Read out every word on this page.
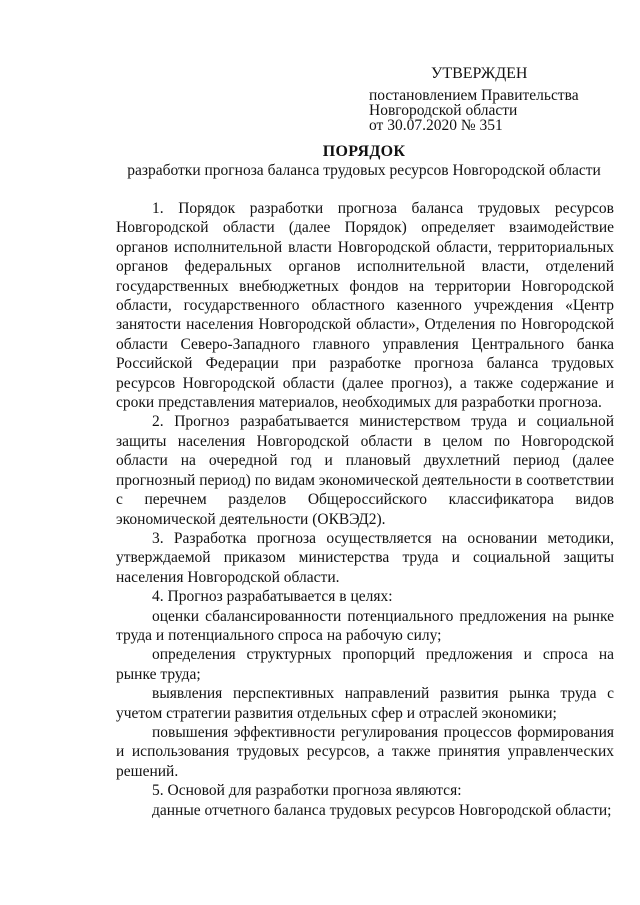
УТВЕРЖДЕН
постановлением Правительства
Новгородской области
от 30.07.2020 № 351
ПОРЯДОК
разработки прогноза баланса трудовых ресурсов Новгородской области

1. Порядок разработки прогноза баланса трудовых ресурсов Новгородской области (далее Порядок) определяет взаимодействие органов исполнительной власти Новгородской области, территориальных органов федеральных органов исполнительной власти, отделений государственных внебюджетных фондов на территории Новгородской области, государственного областного казенного учреждения «Центр занятости населения Новгородской области», Отделения по Новгородской области Северо-Западного главного управления Центрального банка Российской Федерации при разработке прогноза баланса трудовых ресурсов Новгородской области (далее прогноз), а также содержание и сроки представления материалов, необходимых для разработки прогноза.

2. Прогноз разрабатывается министерством труда и социальной защиты населения Новгородской области в целом по Новгородской области на очередной год и плановый двухлетний период (далее прогнозный период) по видам экономической деятельности в соответствии с перечнем разделов Общероссийского классификатора видов экономической деятельности (ОКВЭД2).

3. Разработка прогноза осуществляется на основании методики, утверждаемой приказом министерства труда и социальной защиты населения Новгородской области.

4. Прогноз разрабатывается в целях:

оценки сбалансированности потенциального предложения на рынке труда и потенциального спроса на рабочую силу;

определения структурных пропорций предложения и спроса на рынке труда;

выявления перспективных направлений развития рынка труда с учетом стратегии развития отдельных сфер и отраслей экономики;

повышения эффективности регулирования процессов формирования и использования трудовых ресурсов, а также принятия управленческих решений.

5. Основой для разработки прогноза являются:

данные отчетного баланса трудовых ресурсов Новгородской области;
